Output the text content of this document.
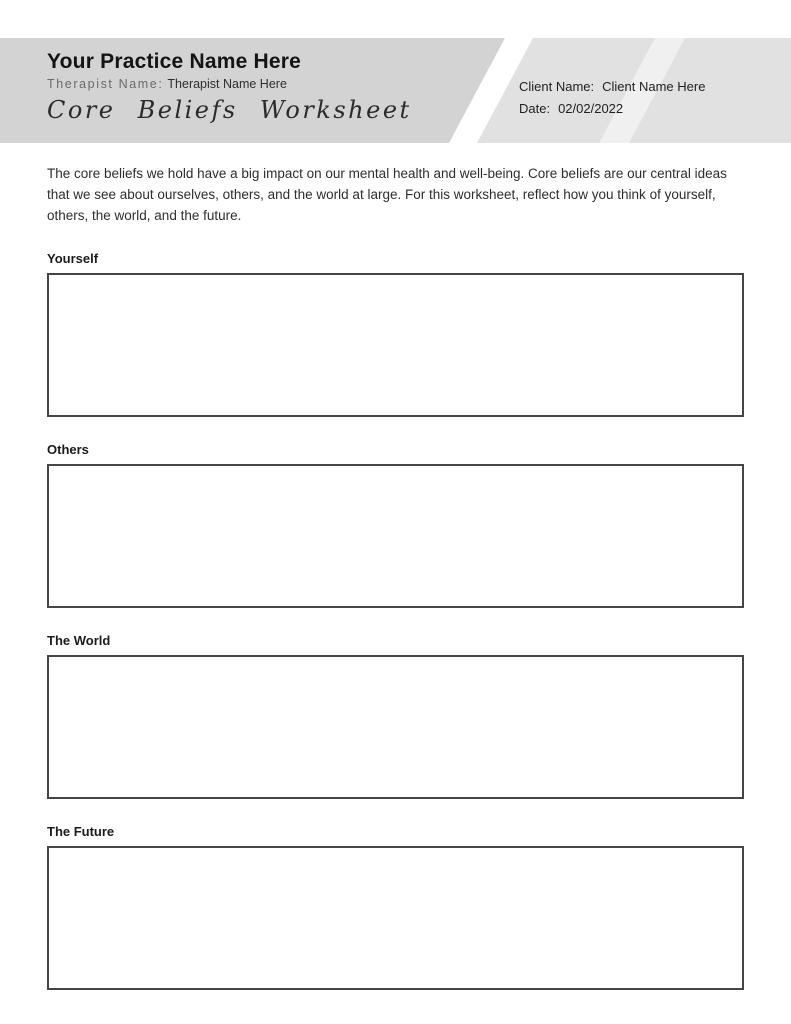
Your Practice Name Here
Therapist Name: Therapist Name Here
Core Beliefs Worksheet
Client Name: Client Name Here
Date: 02/02/2022

The core beliefs we hold have a big impact on our mental health and well-being. Core beliefs are our central ideas that we see about ourselves, others, and the world at large. For this worksheet, reflect how you think of yourself, others, the world, and the future.

Yourself
Others
The World
The Future
